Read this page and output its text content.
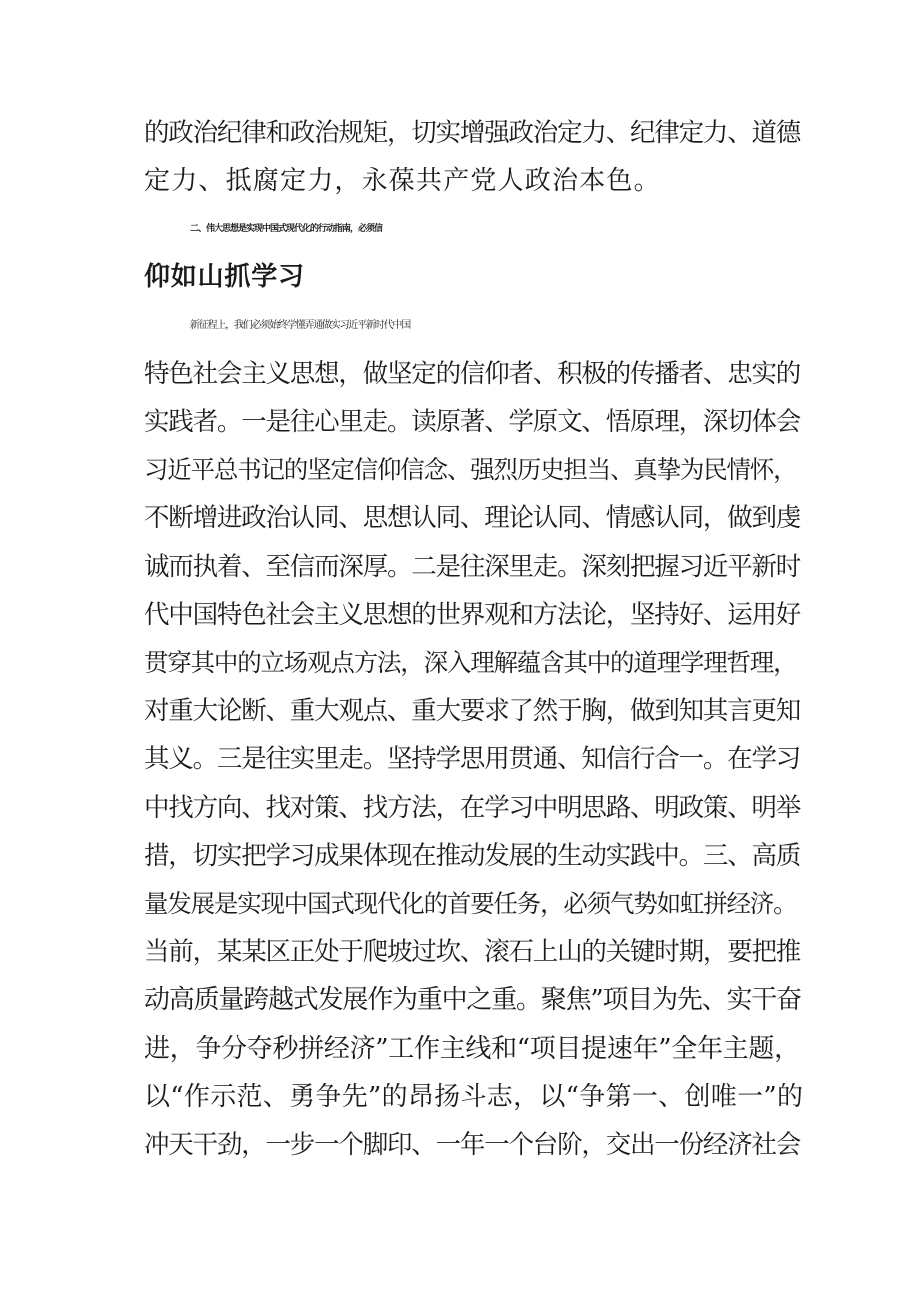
的政治纪律和政治规矩，切实增强政治定力、纪律定力、道德
定力、抵腐定力，永葆共产党人政治本色。
二、伟大思想是实现中国式现代化的行动指南，必须信
仰如山抓学习
新征程上，我们必须始终学懂弄通做实习近平新时代中国
特色社会主义思想，做坚定的信仰者、积极的传播者、忠实的
实践者。一是往心里走。读原著、学原文、悟原理，深切体会
习近平总书记的坚定信仰信念、强烈历史担当、真挚为民情怀，
不断增进政治认同、思想认同、理论认同、情感认同，做到虔
诚而执着、至信而深厚。二是往深里走。深刻把握习近平新时
代中国特色社会主义思想的世界观和方法论，坚持好、运用好
贯穿其中的立场观点方法，深入理解蕴含其中的道理学理哲理，
对重大论断、重大观点、重大要求了然于胸，做到知其言更知
其义。三是往实里走。坚持学思用贯通、知信行合一。在学习
中找方向、找对策、找方法，在学习中明思路、明政策、明举
措，切实把学习成果体现在推动发展的生动实践中。三、高质
量发展是实现中国式现代化的首要任务，必须气势如虹拼经济。
当前，某某区正处于爬坡过坎、滚石上山的关键时期，要把推
动高质量跨越式发展作为重中之重。聚焦”项目为先、实干奋
进，争分夺秒拼经济”工作主线和“项目提速年”全年主题，
以“作示范、勇争先”的昂扬斗志，以“争第一、创唯一”的
冲天干劲，一步一个脚印、一年一个台阶，交出一份经济社会
